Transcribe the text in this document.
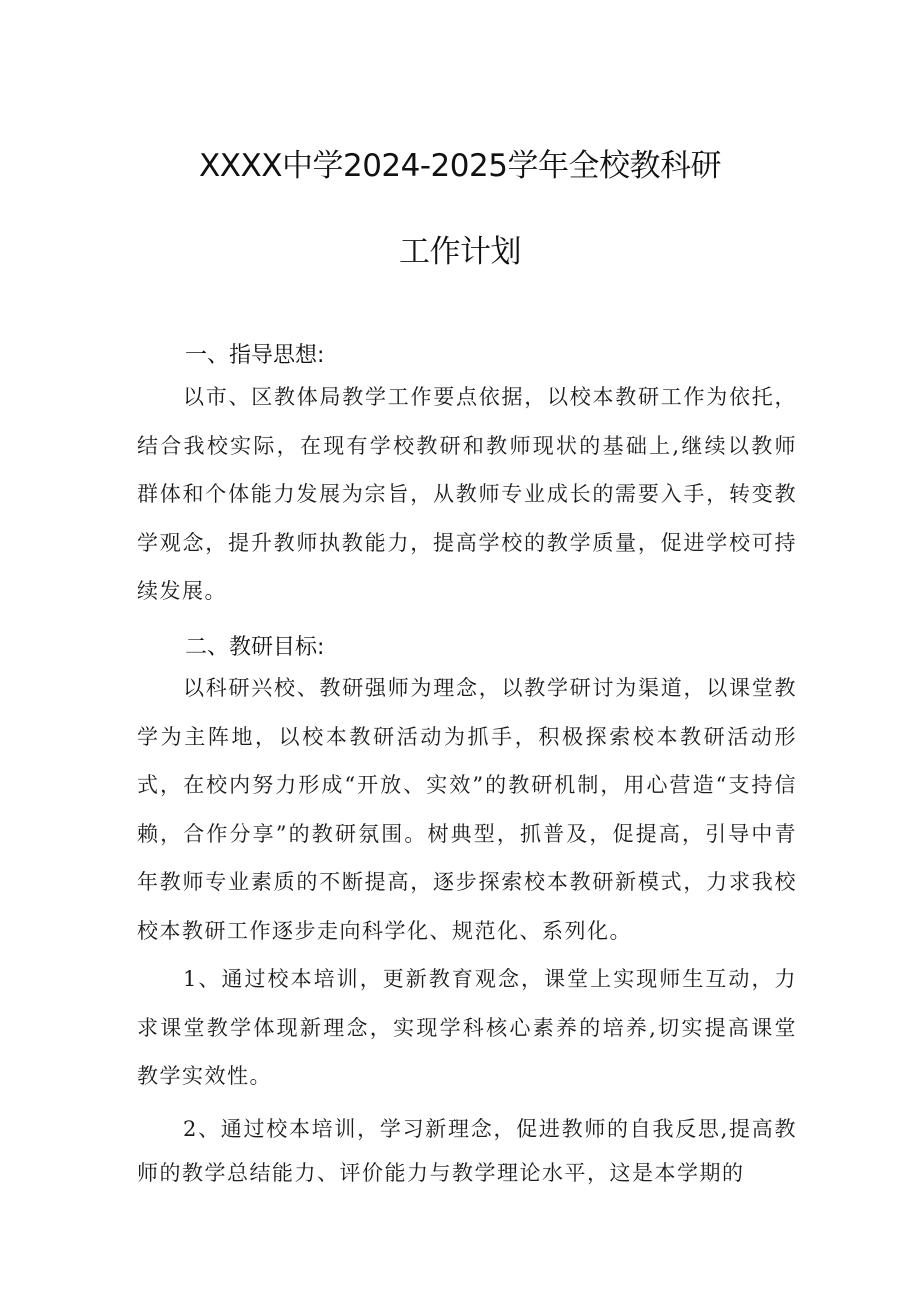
XXXX中学2024-2025学年全校教科研
工作计划
一、指导思想:

以市、区教体局教学工作要点依据，以校本教研工作为依托，结合我校实际，在现有学校教研和教师现状的基础上,继续以教师群体和个体能力发展为宗旨，从教师专业成长的需要入手，转变教学观念，提升教师执教能力，提高学校的教学质量，促进学校可持续发展。

二、教研目标:

以科研兴校、教研强师为理念，以教学研讨为渠道，以课堂教学为主阵地，以校本教研活动为抓手，积极探索校本教研活动形式，在校内努力形成“开放、实效”的教研机制，用心营造“支持信赖，合作分享”的教研氛围。树典型，抓普及，促提高，引导中青年教师专业素质的不断提高，逐步探索校本教研新模式，力求我校校本教研工作逐步走向科学化、规范化、系列化。

1、通过校本培训，更新教育观念，课堂上实现师生互动，力求课堂教学体现新理念，实现学科核心素养的培养,切实提高课堂教学实效性。

2、通过校本培训，学习新理念，促进教师的自我反思,提高教师的教学总结能力、评价能力与教学理论水平，这是本学期的
